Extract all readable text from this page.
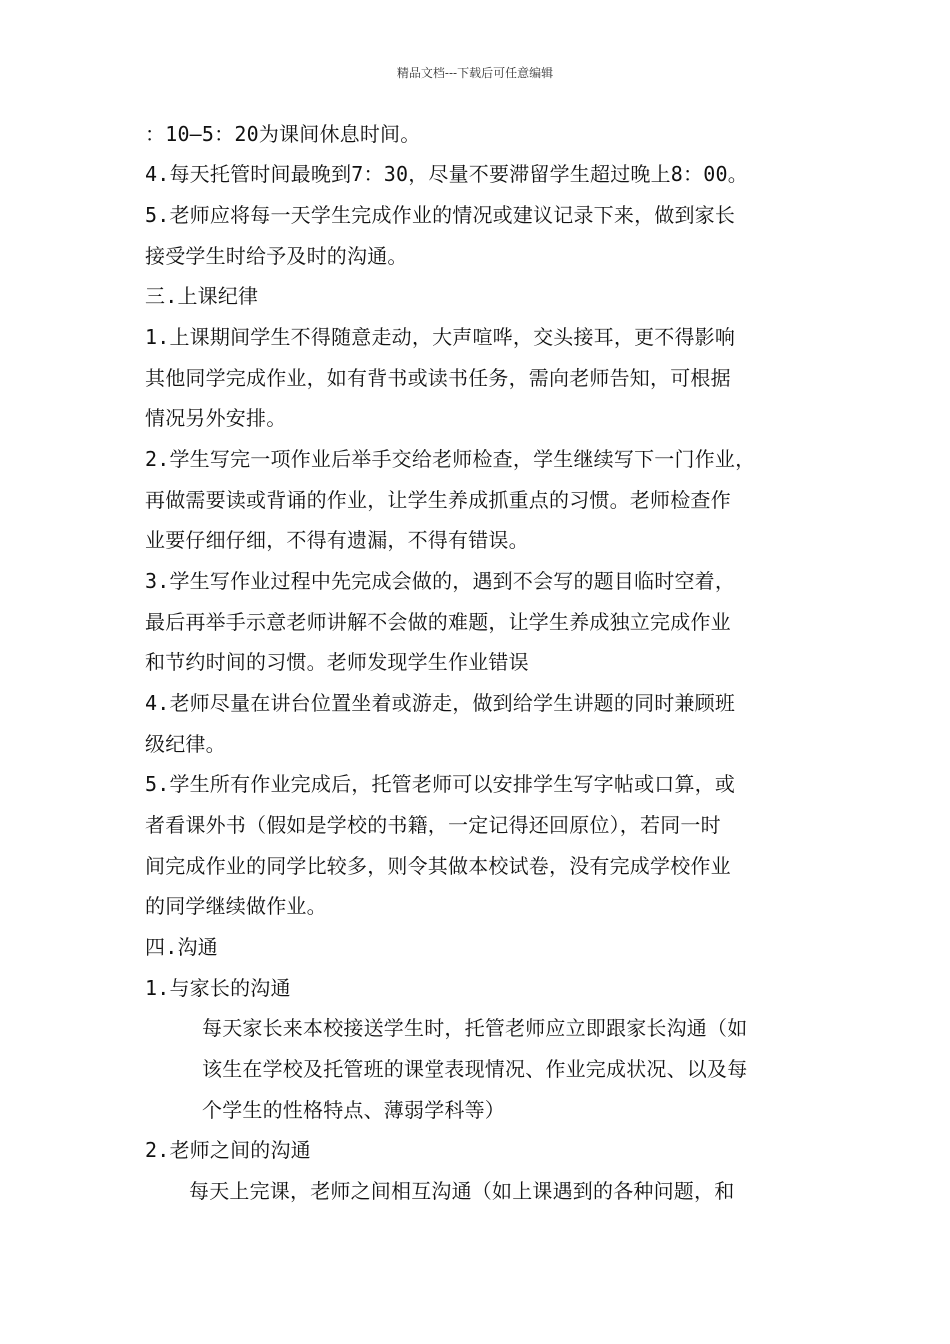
精品文档---下载后可任意编辑
：10—5：20为课间休息时间。
4.每天托管时间最晚到7：30，尽量不要滞留学生超过晚上8：00。
5.老师应将每一天学生完成作业的情况或建议记录下来，做到家长
接受学生时给予及时的沟通。
三.上课纪律
1.上课期间学生不得随意走动，大声喧哗，交头接耳，更不得影响
其他同学完成作业，如有背书或读书任务，需向老师告知，可根据
情况另外安排。
2.学生写完一项作业后举手交给老师检查，学生继续写下一门作业，
再做需要读或背诵的作业，让学生养成抓重点的习惯。老师检查作
业要仔细仔细，不得有遗漏，不得有错误。
3.学生写作业过程中先完成会做的，遇到不会写的题目临时空着，
最后再举手示意老师讲解不会做的难题，让学生养成独立完成作业
和节约时间的习惯。老师发现学生作业错误
4.老师尽量在讲台位置坐着或游走，做到给学生讲题的同时兼顾班
级纪律。
5.学生所有作业完成后，托管老师可以安排学生写字帖或口算，或
者看课外书（假如是学校的书籍，一定记得还回原位），若同一时
间完成作业的同学比较多，则令其做本校试卷，没有完成学校作业
的同学继续做作业。
四.沟通
1.与家长的沟通
每天家长来本校接送学生时，托管老师应立即跟家长沟通（如
该生在学校及托管班的课堂表现情况、作业完成状况、以及每
个学生的性格特点、薄弱学科等）
2.老师之间的沟通
每天上完课，老师之间相互沟通（如上课遇到的各种问题，和
